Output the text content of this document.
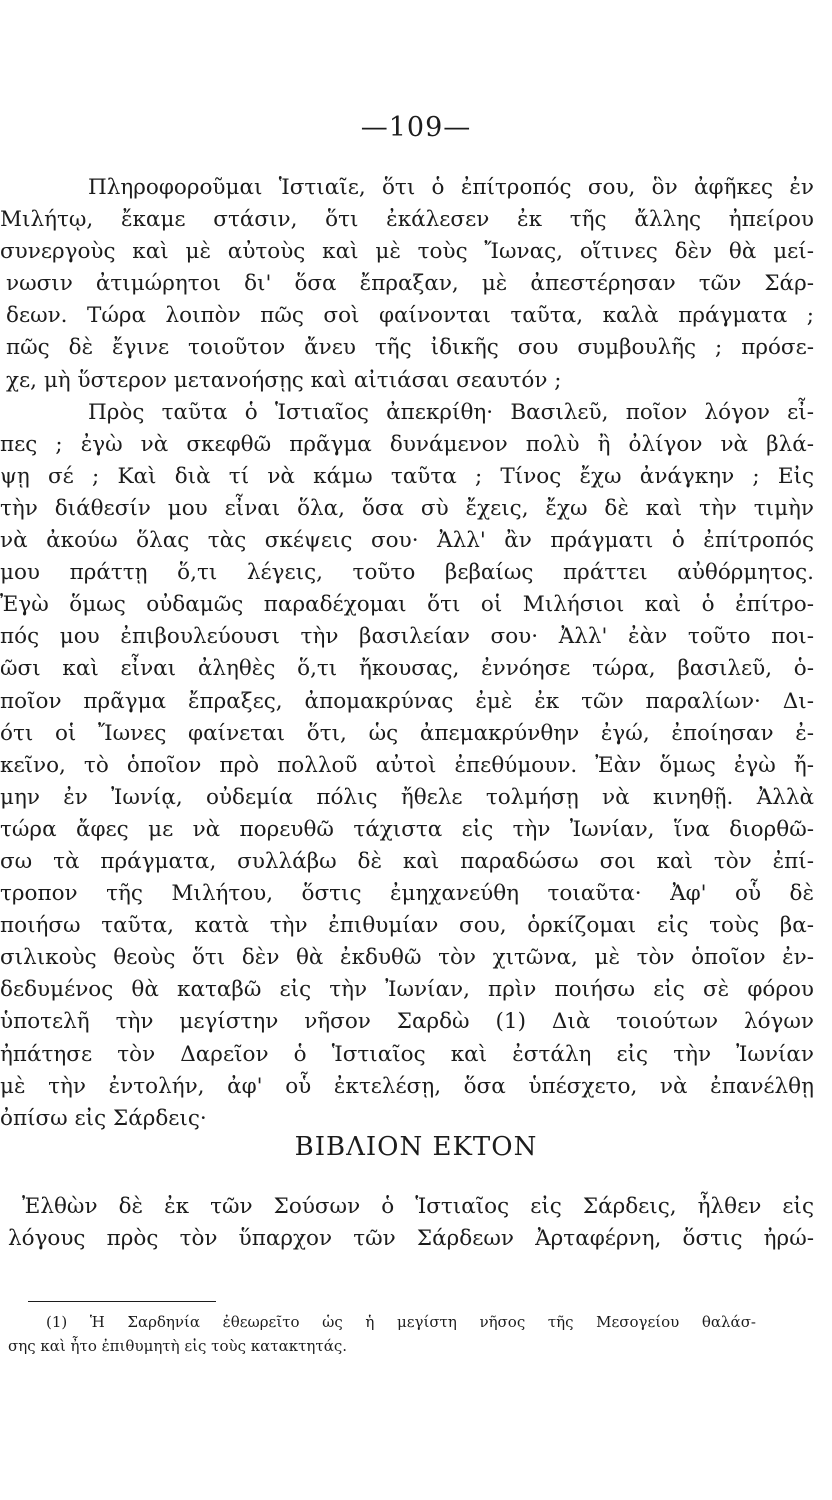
—109—
Πληροφοροῦμαι Ἱστιαῖε, ὅτι ὁ ἐπίτροπός σου, ὃν ἀφῆκες ἐν
Μιλήτῳ, ἔκαμε στάσιν, ὅτι ἐκάλεσεν ἐκ τῆς ἄλλης ἠπείρου
συνεργοὺς καὶ μὲ αὐτοὺς καὶ μὲ τοὺς Ἴωνας, οἵτινες δὲν θὰ μεί-
νωσιν ἀτιμώρητοι δι' ὅσα ἔπραξαν, μὲ ἀπεστέρησαν τῶν Σάρ-
δεων. Τώρα λοιπὸν πῶς σοὶ φαίνονται ταῦτα, καλὰ πράγματα ;
πῶς δὲ ἔγινε τοιοῦτον ἄνευ τῆς ἰδικῆς σου συμβουλῆς ; πρόσε-
χε, μὴ ὕστερον μετανοήσῃς καὶ αἰτιάσαι σεαυτόν ;
Πρὸς ταῦτα ὁ Ἱστιαῖος ἀπεκρίθη· Βασιλεῦ, ποῖον λόγον εἶ-
πες ; ἐγὼ νὰ σκεφθῶ πρᾶγμα δυνάμενον πολὺ ἢ ὀλίγον νὰ βλά-
ψῃ σέ ; Καὶ διὰ τί νὰ κάμω ταῦτα ; Τίνος ἔχω ἀνάγκην ; Εἰς
τὴν διάθεσίν μου εἶναι ὅλα, ὅσα σὺ ἔχεις, ἔχω δὲ καὶ τὴν τιμὴν
νὰ ἀκούω ὅλας τὰς σκέψεις σου· Ἀλλ' ἂν πράγματι ὁ ἐπίτροπός
μου πράττῃ ὅ,τι λέγεις, τοῦτο βεβαίως πράττει αὐθόρμητος.
Ἐγὼ ὅμως οὐδαμῶς παραδέχομαι ὅτι οἱ Μιλήσιοι καὶ ὁ ἐπίτρο-
πός μου ἐπιβουλεύουσι τὴν βασιλείαν σου· Ἀλλ' ἐὰν τοῦτο ποι-
ῶσι καὶ εἶναι ἀληθὲς ὅ,τι ἤκουσας, ἐννόησε τώρα, βασιλεῦ, ὁ-
ποῖον πρᾶγμα ἔπραξες, ἀπομακρύνας ἐμὲ ἐκ τῶν παραλίων· Δι-
ότι οἱ Ἴωνες φαίνεται ὅτι, ὡς ἀπεμακρύνθην ἐγώ, ἐποίησαν ἐ-
κεῖνο, τὸ ὁποῖον πρὸ πολλοῦ αὐτοὶ ἐπεθύμουν. Ἐὰν ὅμως ἐγὼ ἤ-
μην ἐν Ἰωνίᾳ, οὐδεμία πόλις ἤθελε τολμήσῃ νὰ κινηθῇ. Ἀλλὰ
τώρα ἄφες με νὰ πορευθῶ τάχιστα εἰς τὴν Ἰωνίαν, ἵνα διορθῶ-
σω τὰ πράγματα, συλλάβω δὲ καὶ παραδώσω σοι καὶ τὸν ἐπί-
τροπον τῆς Μιλήτου, ὅστις ἐμηχανεύθη τοιαῦτα· Ἀφ' οὗ δὲ
ποιήσω ταῦτα, κατὰ τὴν ἐπιθυμίαν σου, ὁρκίζομαι εἰς τοὺς βα-
σιλικοὺς θεοὺς ὅτι δὲν θὰ ἐκδυθῶ τὸν χιτῶνα, μὲ τὸν ὁποῖον ἐν-
δεδυμένος θὰ καταβῶ εἰς τὴν Ἰωνίαν, πρὶν ποιήσω εἰς σὲ φόρου
ὑποτελῆ τὴν μεγίστην νῆσον Σαρδὼ (1) Διὰ τοιούτων λόγων
ἠπάτησε τὸν Δαρεῖον ὁ Ἱστιαῖος καὶ ἐστάλη εἰς τὴν Ἰωνίαν
μὲ τὴν ἐντολήν, ἀφ' οὗ ἐκτελέσῃ, ὅσα ὑπέσχετο, νὰ ἐπανέλθῃ
ὀπίσω εἰς Σάρδεις·
ΒΙΒΛΙΟΝ ΕΚΤΟΝ
Ἐλθὼν δὲ ἐκ τῶν Σούσων ὁ Ἱστιαῖος εἰς Σάρδεις, ἦλθεν εἰς
λόγους πρὸς τὸν ὕπαρχον τῶν Σάρδεων Ἀρταφέρνη, ὅστις ἠρώ-
(1) Ἡ Σαρδηνία ἐθεωρεῖτο ὡς ἡ μεγίστη νῆσος τῆς Μεσογείου θαλάσ-
σης καὶ ἦτο ἐπιθυμητὴ εἰς τοὺς κατακτητάς.
